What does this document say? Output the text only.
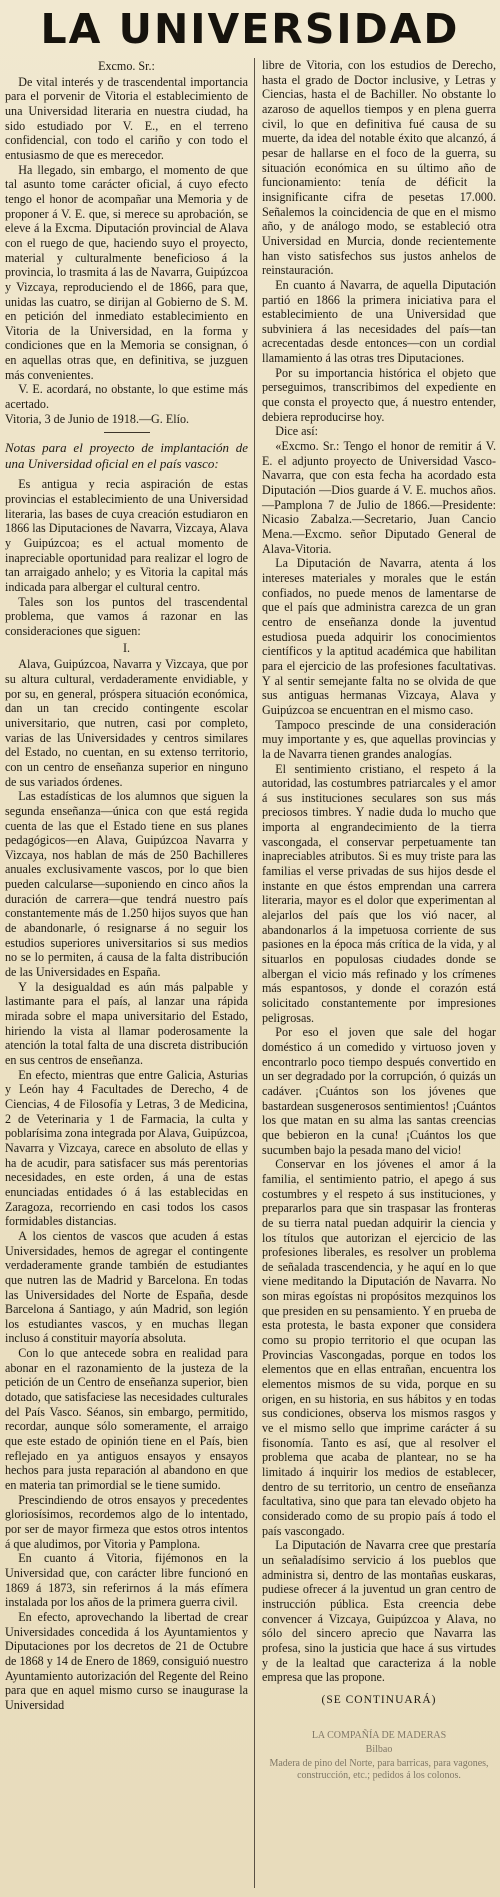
LA UNIVERSIDAD

Excmo. Sr.:

De vital interés y de trascendental importancia para el porvenir de Vitoria el establecimiento de una Universidad literaria en nuestra ciudad, ha sido estudiado por V. E., en el terreno confidencial, con todo el cariño y con todo el entusiasmo de que es merecedor.

Ha llegado, sin embargo, el momento de que tal asunto tome carácter oficial, á cuyo efecto tengo el honor de acompañar una Memoria y de proponer á V. E. que, si merece su aprobación, se eleve á la Excma. Diputación provincial de Alava con el ruego de que, haciendo suyo el proyecto, material y culturalmente beneficioso á la provincia, lo trasmita á las de Navarra, Guipúzcoa y Vizcaya, reproduciendo el de 1866, para que, unidas las cuatro, se dirijan al Gobierno de S. M. en petición del inmediato establecimiento en Vitoria de la Universidad, en la forma y condiciones que en la Memoria se consignan, ó en aquellas otras que, en definitiva, se juzguen más convenientes.

V. E. acordará, no obstante, lo que estime más acertado.

Vitoria, 3 de Junio de 1918.—G. Elío.

Notas para el proyecto de implantación de una Universidad oficial en el país vasco:

Es antigua y recia aspiración de estas provincias el establecimiento de una Universidad literaria, las bases de cuya creación estudiaron en 1866 las Diputaciones de Navarra, Vizcaya, Alava y Guipúzcoa; es el actual momento de inapreciable oportunidad para realizar el logro de tan arraigado anhelo; y es Vitoria la capital más indicada para albergar el cultural centro.

Tales son los puntos del trascendental problema, que vamos á razonar en las consideraciones que siguen:

I.

Alava, Guipúzcoa, Navarra y Vizcaya, que por su altura cultural, verdaderamente envidiable, y por su, en general, próspera situación económica, dan un tan crecido contingente escolar universitario, que nutren, casi por completo, varias de las Universidades y centros similares del Estado, no cuentan, en su extenso territorio, con un centro de enseñanza superior en ninguno de sus variados órdenes.

Las estadísticas de los alumnos que siguen la segunda enseñanza—única con que está regida cuenta de las que el Estado tiene en sus planes pedagógicos—en Alava, Guipúzcoa Navarra y Vizcaya, nos hablan de más de 250 Bachilleres anuales exclusivamente vascos, por lo que bien pueden calcularse—suponiendo en cinco años la duración de carrera—que tendrá nuestro país constantemente más de 1.250 hijos suyos que han de abandonarle, ó resignarse á no seguir los estudios superiores universitarios si sus medios no se lo permiten, á causa de la falta distribución de las Universidades en España.

Y la desigualdad es aún más palpable y lastimante para el país, al lanzar una rápida mirada sobre el mapa universitario del Estado, hiriendo la vista al llamar poderosamente la atención la total falta de una discreta distribución en sus centros de enseñanza.

En efecto, mientras que entre Galicia, Asturias y León hay 4 Facultades de Derecho, 4 de Ciencias, 4 de Filosofía y Letras, 3 de Medicina, 2 de Veterinaria y 1 de Farmacia, la culta y poblarísima zona integrada por Alava, Guipúzcoa, Navarra y Vizcaya, carece en absoluto de ellas y ha de acudir, para satisfacer sus más perentorias necesidades, en este orden, á una de estas enunciadas entidades ó á las establecidas en Zaragoza, recorriendo en casi todos los casos formidables distancias.

A los cientos de vascos que acuden á estas Universidades, hemos de agregar el contingente verdaderamente grande también de estudiantes que nutren las de Madrid y Barcelona. En todas las Universidades del Norte de España, desde Barcelona á Santiago, y aún Madrid, son legión los estudiantes vascos, y en muchas llegan incluso á constituir mayoría absoluta.

Con lo que antecede sobra en realidad para abonar en el razonamiento de la justeza de la petición de un Centro de enseñanza superior, bien dotado, que satisfaciese las necesidades culturales del País Vasco. Séanos, sin embargo, permitido, recordar, aunque sólo someramente, el arraigo que este estado de opinión tiene en el País, bien reflejado en ya antiguos ensayos y ensayos hechos para justa reparación al abandono en que en materia tan primordial se le tiene sumido.

Prescindiendo de otros ensayos y precedentes gloriosísimos, recordemos algo de lo intentado, por ser de mayor firmeza que estos otros intentos á que aludimos, por Vitoria y Pamplona.

En cuanto á Vitoria, fijémonos en la Universidad que, con carácter libre funcionó en 1869 á 1873, sin referirnos á la más efímera instalada por los años de la primera guerra civil.

En efecto, aprovechando la libertad de crear Universidades concedida á los Ayuntamientos y Diputaciones por los decretos de 21 de Octubre de 1868 y 14 de Enero de 1869, consiguió nuestro Ayuntamiento autorización del Regente del Reino para que en aquel mismo curso se inaugurase la Universidad

libre de Vitoria, con los estudios de Derecho, hasta el grado de Doctor inclusive, y Letras y Ciencias, hasta el de Bachiller. No obstante lo azaroso de aquellos tiempos y en plena guerra civil, lo que en definitiva fué causa de su muerte, da idea del notable éxito que alcanzó, á pesar de hallarse en el foco de la guerra, su situación económica en su último año de funcionamiento: tenía de déficit la insignificante cifra de pesetas 17.000. Señalemos la coincidencia de que en el mismo año, y de análogo modo, se estableció otra Universidad en Murcia, donde recientemente han visto satisfechos sus justos anhelos de reinstauración.

En cuanto á Navarra, de aquella Diputación partió en 1866 la primera iniciativa para el establecimiento de una Universidad que subviniera á las necesidades del país—tan acrecentadas desde entonces—con un cordial llamamiento á las otras tres Diputaciones.

Por su importancia histórica el objeto que perseguimos, transcribimos del expediente en que consta el proyecto que, á nuestro entender, debiera reproducirse hoy.

Dice así:

«Excmo. Sr.: Tengo el honor de remitir á V. E. el adjunto proyecto de Universidad Vasco-Navarra, que con esta fecha ha acordado esta Diputación —Dios guarde á V. E. muchos años.—Pamplona 7 de Julio de 1866.—Presidente: Nicasio Zabalza.—Secretario, Juan Cancio Mena.—Excmo. señor Diputado General de Alava-Vitoria.

La Diputación de Navarra, atenta á los intereses materiales y morales que le están confiados, no puede menos de lamentarse de que el país que administra carezca de un gran centro de enseñanza donde la juventud estudiosa pueda adquirir los conocimientos científicos y la aptitud académica que habilitan para el ejercicio de las profesiones facultativas. Y al sentir semejante falta no se olvida de que sus antiguas hermanas Vizcaya, Alava y Guipúzcoa se encuentran en el mismo caso.

Tampoco prescinde de una consideración muy importante y es, que aquellas provincias y la de Navarra tienen grandes analogías.

El sentimiento cristiano, el respeto á la autoridad, las costumbres patriarcales y el amor á sus instituciones seculares son sus más preciosos timbres. Y nadie duda lo mucho que importa al engrandecimiento de la tierra vascongada, el conservar perpetuamente tan inapreciables atributos. Si es muy triste para las familias el verse privadas de sus hijos desde el instante en que éstos emprendan una carrera literaria, mayor es el dolor que experimentan al alejarlos del país que los vió nacer, al abandonarlos á la impetuosa corriente de sus pasiones en la época más crítica de la vida, y al situarlos en populosas ciudades donde se albergan el vicio más refinado y los crímenes más espantosos, y donde el corazón está solicitado constantemente por impresiones peligrosas.

Por eso el joven que sale del hogar doméstico á un comedido y virtuoso joven y encontrarlo poco tiempo después convertido en un ser degradado por la corrupción, ó quizás un cadáver. ¡Cuántos son los jóvenes que bastardean susgenerosos sentimientos! ¡Cuántos los que matan en su alma las santas creencias que bebieron en la cuna! ¡Cuántos los que sucumben bajo la pesada mano del vicio!

Conservar en los jóvenes el amor á la familia, el sentimiento patrio, el apego á sus costumbres y el respeto á sus instituciones, y prepararlos para que sin traspasar las fronteras de su tierra natal puedan adquirir la ciencia y los títulos que autorizan el ejercicio de las profesiones liberales, es resolver un problema de señalada trascendencia, y he aquí en lo que viene meditando la Diputación de Navarra. No son miras egoístas ni propósitos mezquinos los que presiden en su pensamiento. Y en prueba de esta protesta, le basta exponer que considera como su propio territorio el que ocupan las Provincias Vascongadas, porque en todos los elementos que en ellas entrañan, encuentra los elementos mismos de su vida, porque en su origen, en su historia, en sus hábitos y en todas sus condiciones, observa los mismos rasgos y ve el mismo sello que imprime carácter á su fisonomía. Tanto es así, que al resolver el problema que acaba de plantear, no se ha limitado á inquirir los medios de establecer, dentro de su territorio, un centro de enseñanza facultativa, sino que para tan elevado objeto ha considerado como de su propio país á todo el país vascongado.

La Diputación de Navarra cree que prestaría un señaladísimo servicio á los pueblos que administra si, dentro de las montañas euskaras, pudiese ofrecer á la juventud un gran centro de instrucción pública. Esta creencia debe convencer á Vizcaya, Guipúzcoa y Alava, no sólo del sincero aprecio que Navarra las profesa, sino la justicia que hace á sus virtudes y de la lealtad que caracteriza á la noble empresa que las propone.

(SE CONTINUARÁ)

LA COMPAÑÍA DE MADERAS
Bilbao
Madera de pino del Norte, para barricas, para vagones, construcción, etc.; pedidos á los colonos.
